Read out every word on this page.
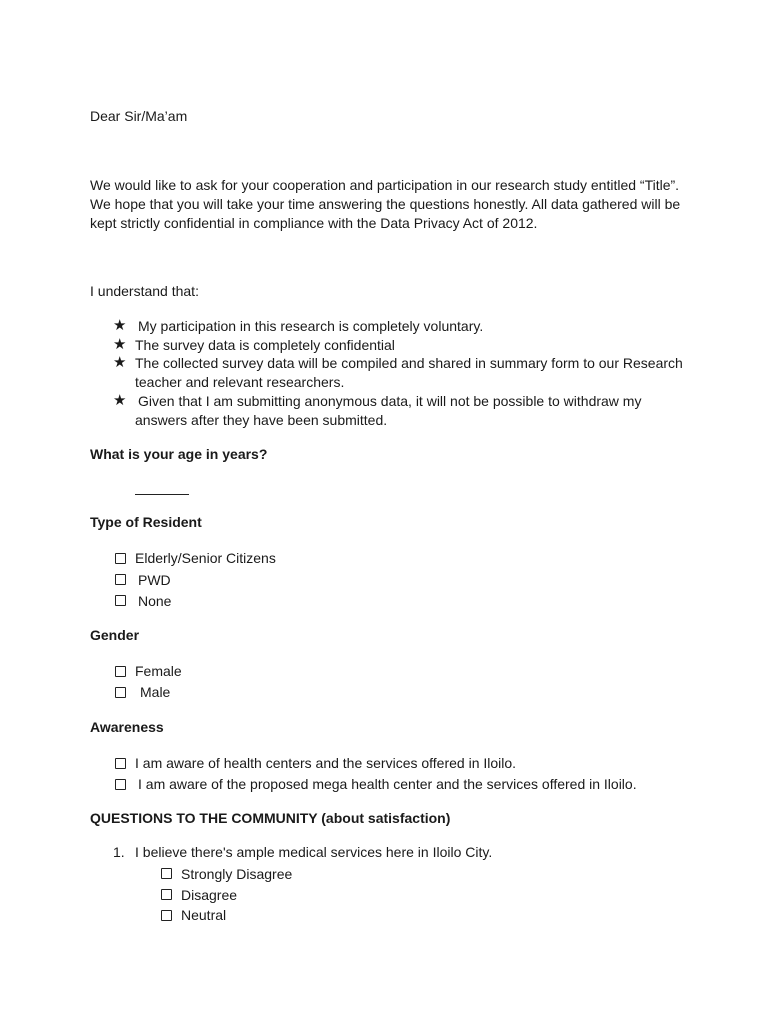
Dear Sir/Ma’am
We would like to ask for your cooperation and participation in our research study entitled “Title”.
We hope that you will take your time answering the questions honestly. All data gathered will be
kept strictly confidential in compliance with the Data Privacy Act of 2012.
I understand that:
★ My participation in this research is completely voluntary.
★ The survey data is completely confidential
★ The collected survey data will be compiled and shared in summary form to our Research
teacher and relevant researchers.
★ Given that I am submitting anonymous data, it will not be possible to withdraw my
answers after they have been submitted.
What is your age in years?
Type of Resident
Elderly/Senior Citizens
PWD
None
Gender
Female
Male
Awareness
I am aware of health centers and the services offered in Iloilo.
I am aware of the proposed mega health center and the services offered in Iloilo.
QUESTIONS TO THE COMMUNITY (about satisfaction)
1. I believe there's ample medical services here in Iloilo City.
Strongly Disagree
Disagree
Neutral
